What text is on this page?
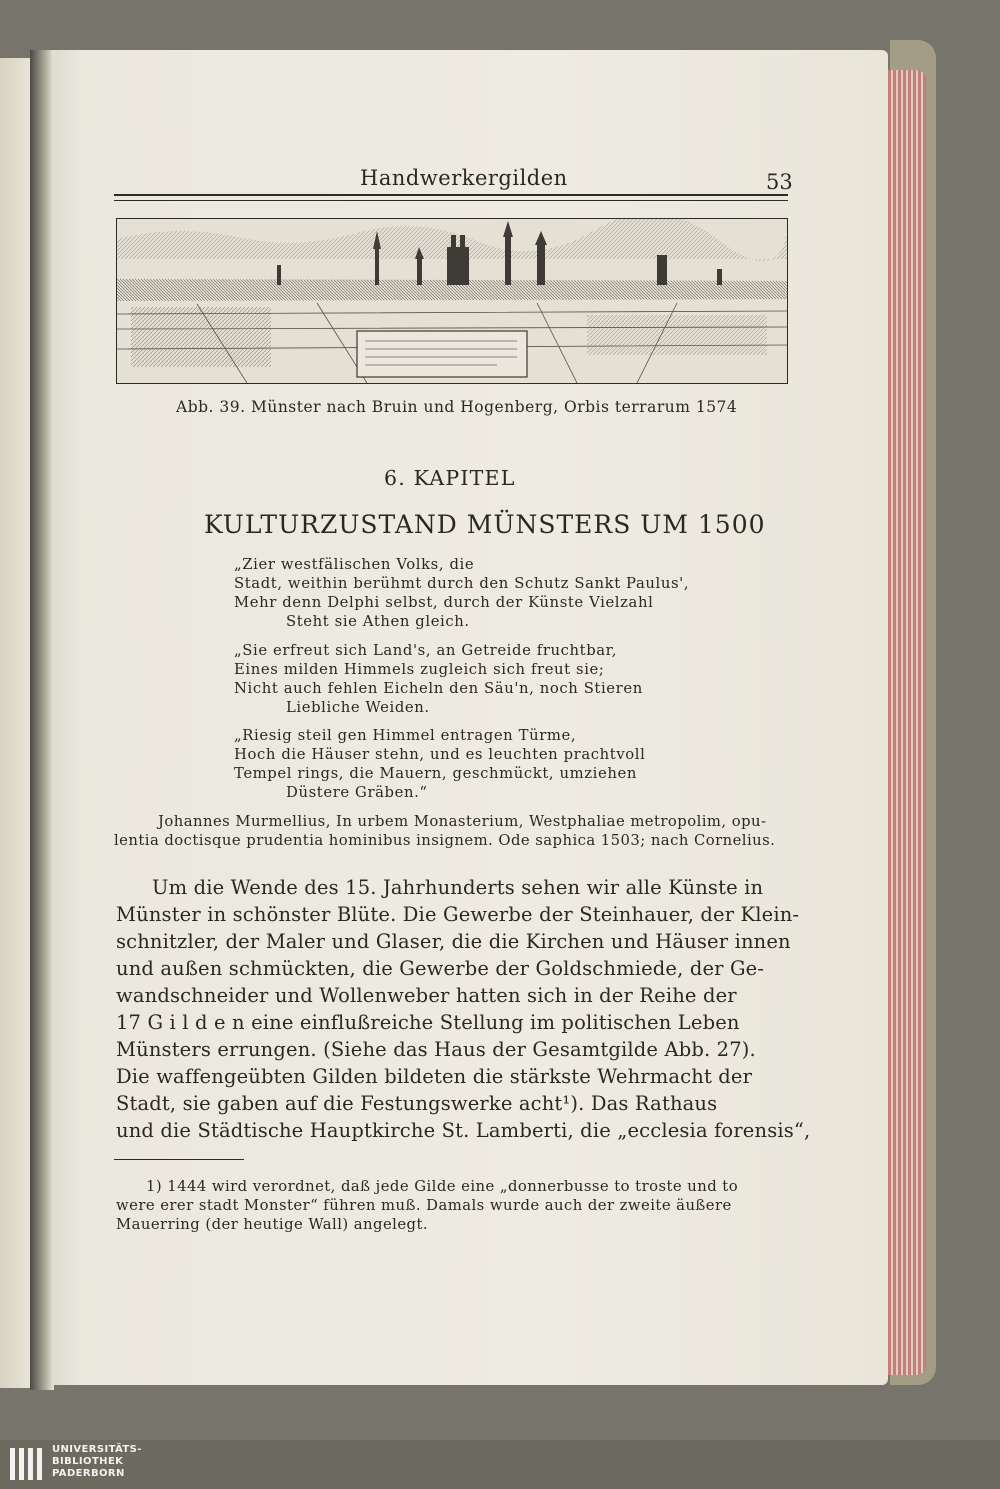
Handwerkergilden	53
Abb. 39. Münster nach Bruin und Hogenberg, Orbis terrarum 1574
6. KAPITEL
KULTURZUSTAND MÜNSTERS UM 1500
„Zier westfälischen Volks, die
Stadt, weithin berühmt durch den Schutz Sankt Paulus',
Mehr denn Delphi selbst, durch der Künste Vielzahl
Steht sie Athen gleich.
„Sie erfreut sich Land's, an Getreide fruchtbar,
Eines milden Himmels zugleich sich freut sie;
Nicht auch fehlen Eicheln den Säu'n, noch Stieren
Liebliche Weiden.
„Riesig steil gen Himmel entragen Türme,
Hoch die Häuser stehn, und es leuchten prachtvoll
Tempel rings, die Mauern, geschmückt, umziehen
Düstere Gräben.“
Johannes Murmellius, In urbem Monasterium, Westphaliae metropolim, opu-
lentia doctisque prudentia hominibus insignem. Ode saphica 1503; nach Cornelius.
Um die Wende des 15. Jahrhunderts sehen wir alle Künste in
Münster in schönster Blüte. Die Gewerbe der Steinhauer, der Klein-
schnitzler, der Maler und Glaser, die die Kirchen und Häuser innen
und außen schmückten, die Gewerbe der Goldschmiede, der Ge-
wandschneider und Wollenweber hatten sich in der Reihe der
17 G i l d e n eine einflußreiche Stellung im politischen Leben
Münsters errungen. (Siehe das Haus der Gesamtgilde Abb. 27).
Die waffengeübten Gilden bildeten die stärkste Wehrmacht der
Stadt, sie gaben auf die Festungswerke acht¹). Das Rathaus
und die Städtische Hauptkirche St. Lamberti, die „ecclesia forensis“,
1) 1444 wird verordnet, daß jede Gilde eine „donnerbusse to troste und to
were erer stadt Monster“ führen muß. Damals wurde auch der zweite äußere
Mauerring (der heutige Wall) angelegt.
UNIVERSITÄTS-
BIBLIOTHEK
PADERBORN
